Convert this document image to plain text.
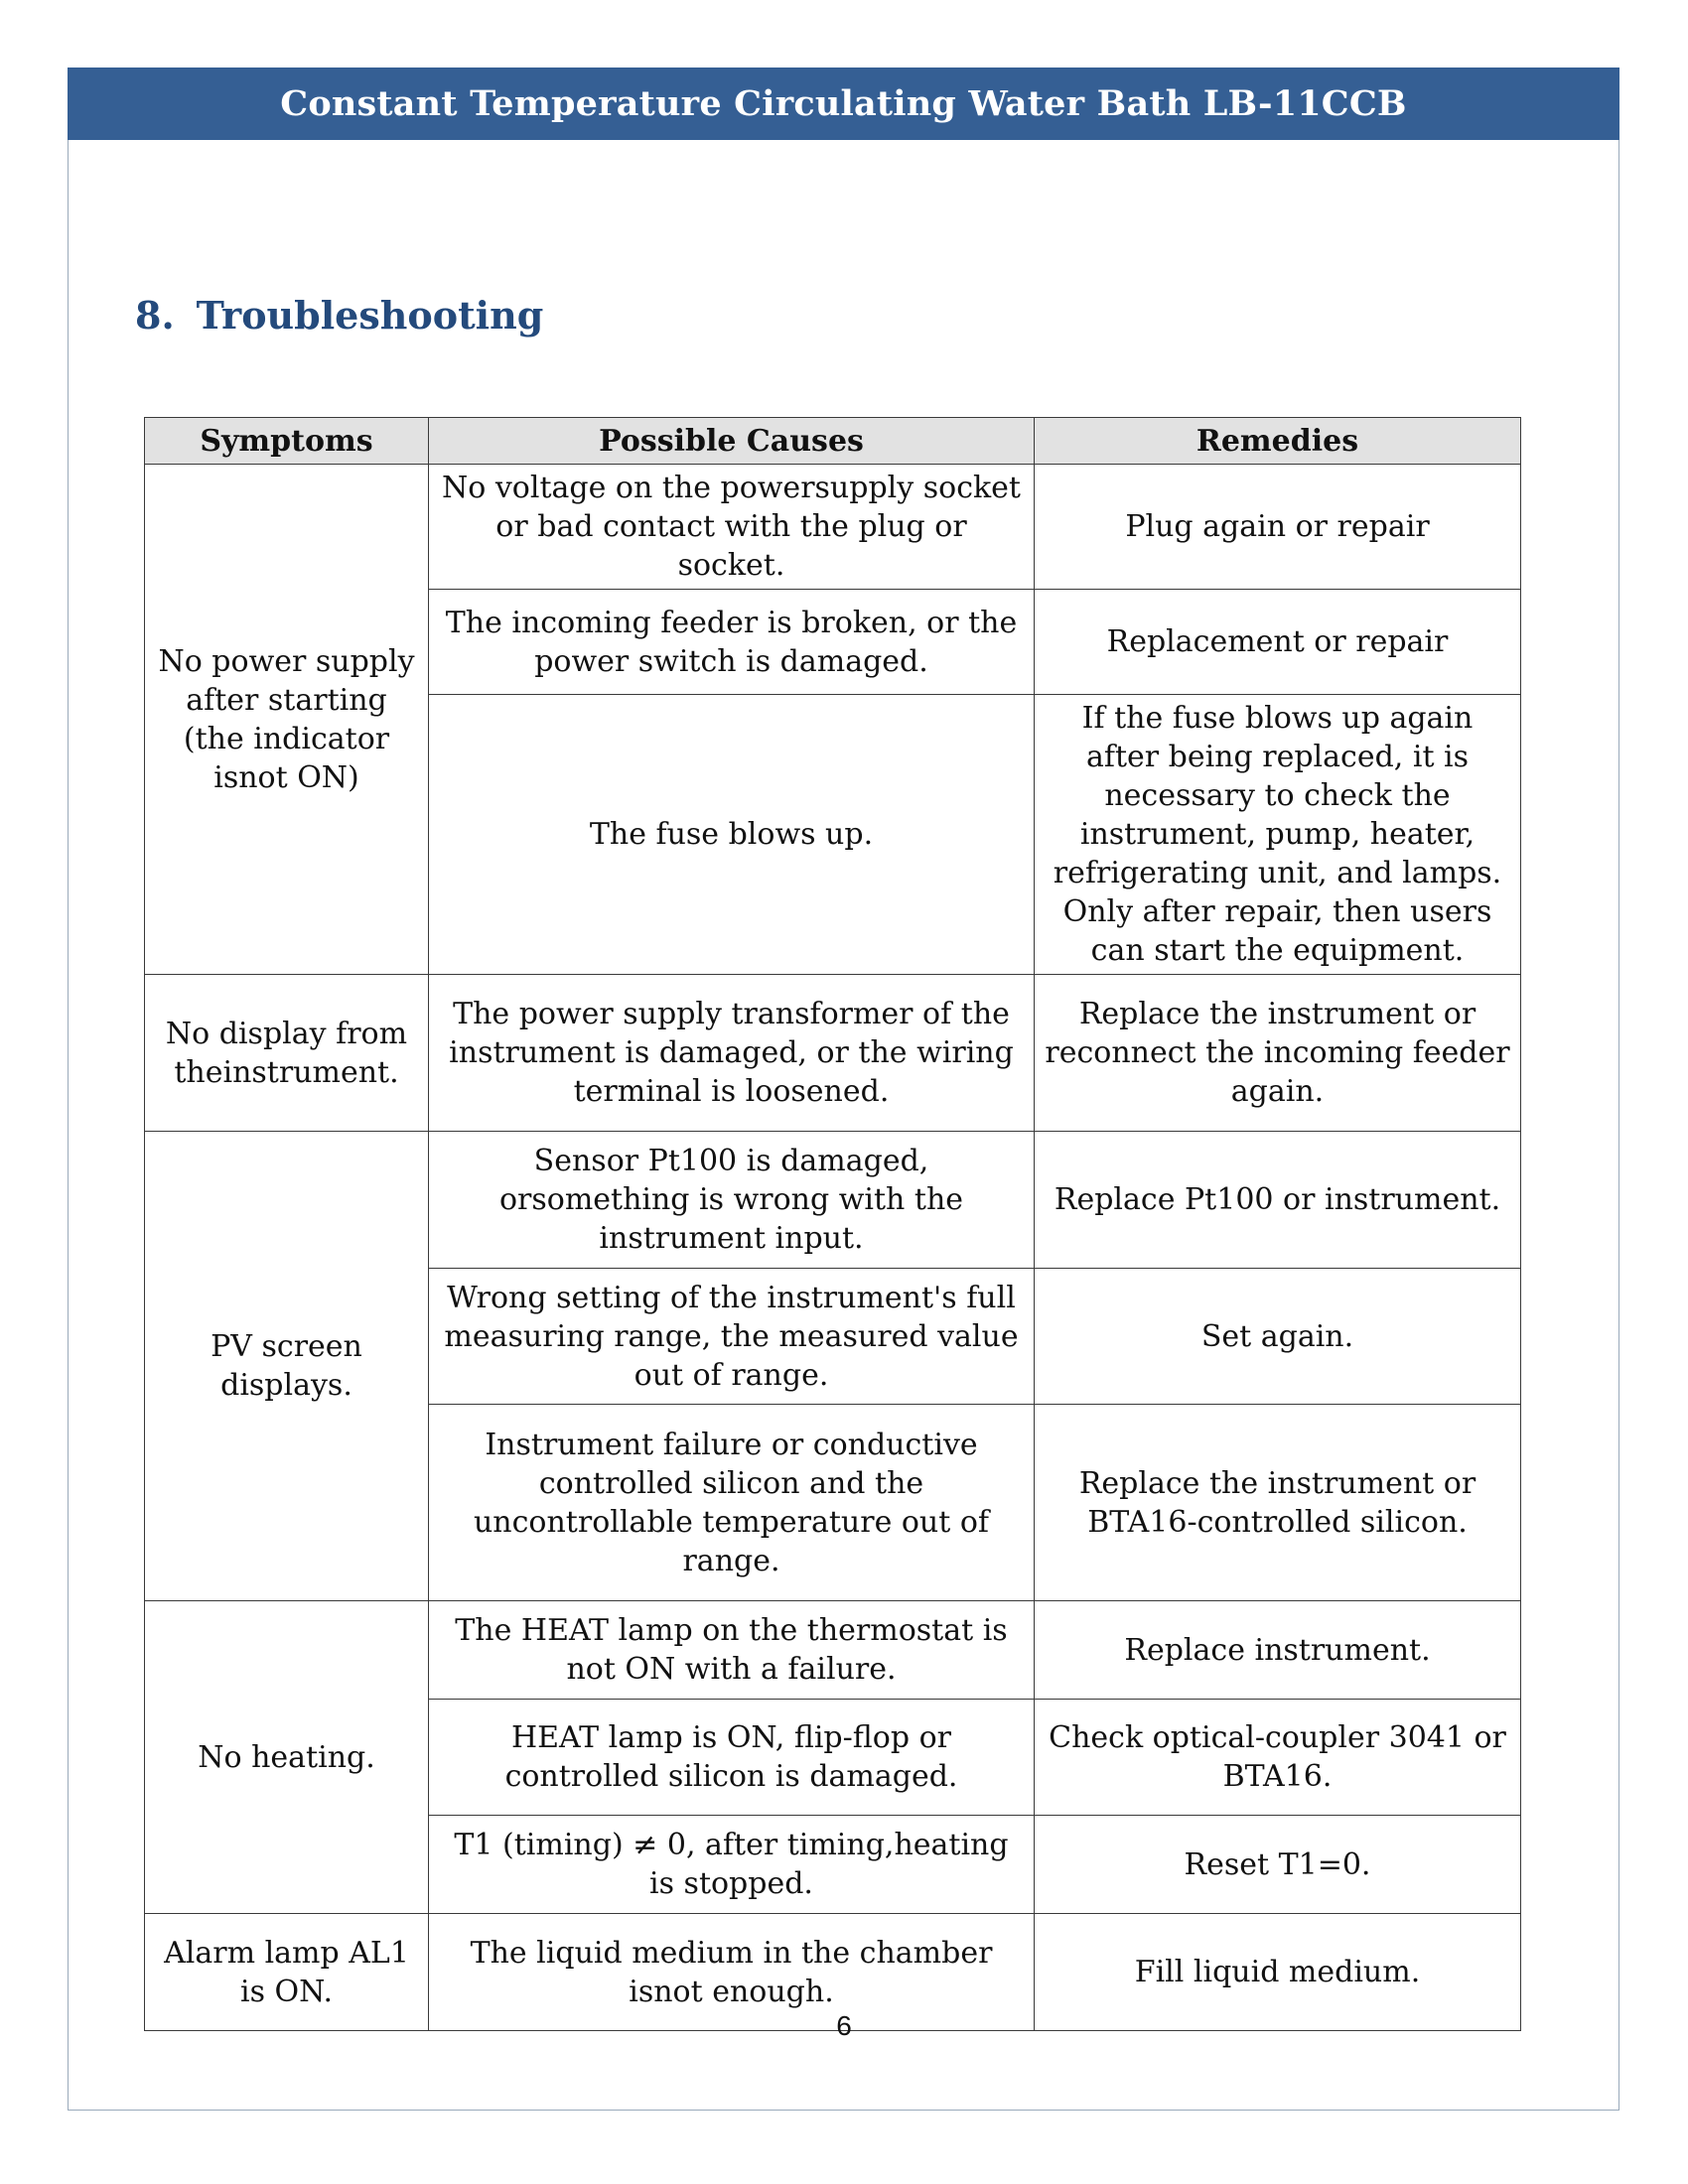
Constant Temperature Circulating Water Bath LB-11CCB
8. Troubleshooting
Symptoms	Possible Causes	Remedies
No power supply after starting (the indicator isnot ON)	No voltage on the powersupply socket or bad contact with the plug or socket.	Plug again or repair
	The incoming feeder is broken, or the power switch is damaged.	Replacement or repair
	The fuse blows up.	If the fuse blows up again after being replaced, it is necessary to check the instrument, pump, heater, refrigerating unit, and lamps. Only after repair, then users can start the equipment.
No display from theinstrument.	The power supply transformer of the instrument is damaged, or the wiring terminal is loosened.	Replace the instrument or reconnect the incoming feeder again.
PV screen displays.	Sensor Pt100 is damaged, orsomething is wrong with the instrument input.	Replace Pt100 or instrument.
	Wrong setting of the instrument's full measuring range, the measured value out of range.	Set again.
	Instrument failure or conductive controlled silicon and the uncontrollable temperature out of range.	Replace the instrument or BTA16-controlled silicon.
No heating.	The HEAT lamp on the thermostat is not ON with a failure.	Replace instrument.
	HEAT lamp is ON, flip-flop or controlled silicon is damaged.	Check optical-coupler 3041 or BTA16.
	T1 (timing) ≠ 0, after timing,heating is stopped.	Reset T1=0.
Alarm lamp AL1 is ON.	The liquid medium in the chamber isnot enough.	Fill liquid medium.
6
